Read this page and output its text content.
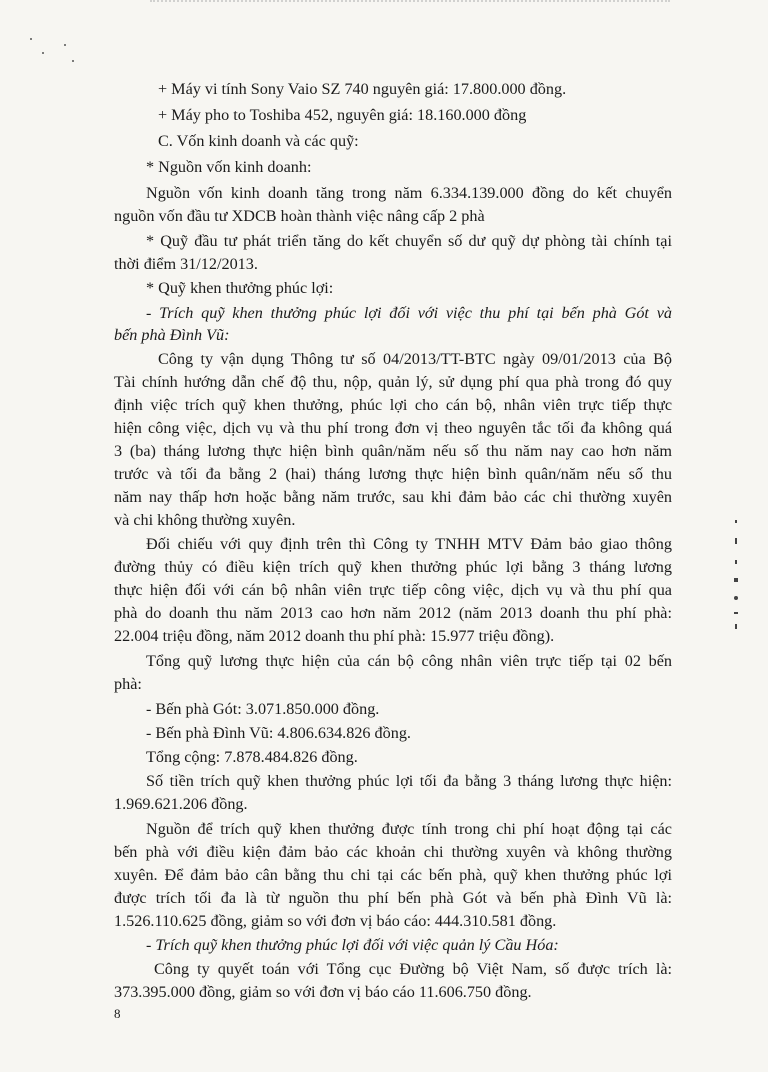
+ Máy vi tính Sony Vaio SZ 740 nguyên giá: 17.800.000 đồng.
+ Máy pho to Toshiba 452, nguyên giá: 18.160.000 đồng
C. Vốn kinh doanh và các quỹ:
* Nguồn vốn kinh doanh:
Nguồn vốn kinh doanh tăng trong năm 6.334.139.000 đồng do kết chuyển
nguồn vốn đầu tư XDCB hoàn thành việc nâng cấp 2 phà
* Quỹ đầu tư phát triển tăng do kết chuyển số dư quỹ dự phòng tài chính tại
thời điểm 31/12/2013.
* Quỹ khen thưởng phúc lợi:
- Trích quỹ khen thưởng phúc lợi đối với việc thu phí tại bến phà Gót và
bến phà Đình Vũ:
Công ty vận dụng Thông tư số 04/2013/TT-BTC ngày 09/01/2013 của Bộ
Tài chính hướng dẫn chế độ thu, nộp, quản lý, sử dụng phí qua phà trong đó quy
định việc trích quỹ khen thưởng, phúc lợi cho cán bộ, nhân viên trực tiếp thực
hiện công việc, dịch vụ và thu phí trong đơn vị theo nguyên tắc tối đa không quá
3 (ba) tháng lương thực hiện bình quân/năm nếu số thu năm nay cao hơn năm
trước và tối đa bằng 2 (hai) tháng lương thực hiện bình quân/năm nếu số thu
năm nay thấp hơn hoặc bằng năm trước, sau khi đảm bảo các chi thường xuyên
và chi không thường xuyên.
Đối chiếu với quy định trên thì Công ty TNHH MTV Đảm bảo giao thông
đường thủy có điều kiện trích quỹ khen thưởng phúc lợi bằng 3 tháng lương
thực hiện đối với cán bộ nhân viên trực tiếp công việc, dịch vụ và thu phí qua
phà do doanh thu năm 2013 cao hơn năm 2012 (năm 2013 doanh thu phí phà:
22.004 triệu đồng, năm 2012 doanh thu phí phà: 15.977 triệu đồng).
Tổng quỹ lương thực hiện của cán bộ công nhân viên trực tiếp tại 02 bến
phà:
- Bến phà Gót: 3.071.850.000 đồng.
- Bến phà Đình Vũ: 4.806.634.826 đồng.
Tổng cộng: 7.878.484.826 đồng.
Số tiền trích quỹ khen thưởng phúc lợi tối đa bằng 3 tháng lương thực hiện:
1.969.621.206 đồng.
Nguồn để trích quỹ khen thưởng được tính trong chi phí hoạt động tại các
bến phà với điều kiện đảm bảo các khoản chi thường xuyên và không thường
xuyên. Để đảm bảo cân bằng thu chi tại các bến phà, quỹ khen thưởng phúc lợi
được trích tối đa là từ nguồn thu phí bến phà Gót và bến phà Đình Vũ là:
1.526.110.625 đồng, giảm so với đơn vị báo cáo: 444.310.581 đồng.
- Trích quỹ khen thưởng phúc lợi đối với việc quản lý Cầu Hóa:
Công ty quyết toán với Tổng cục Đường bộ Việt Nam, số được trích là:
373.395.000 đồng, giảm so với đơn vị báo cáo 11.606.750 đồng.
8
